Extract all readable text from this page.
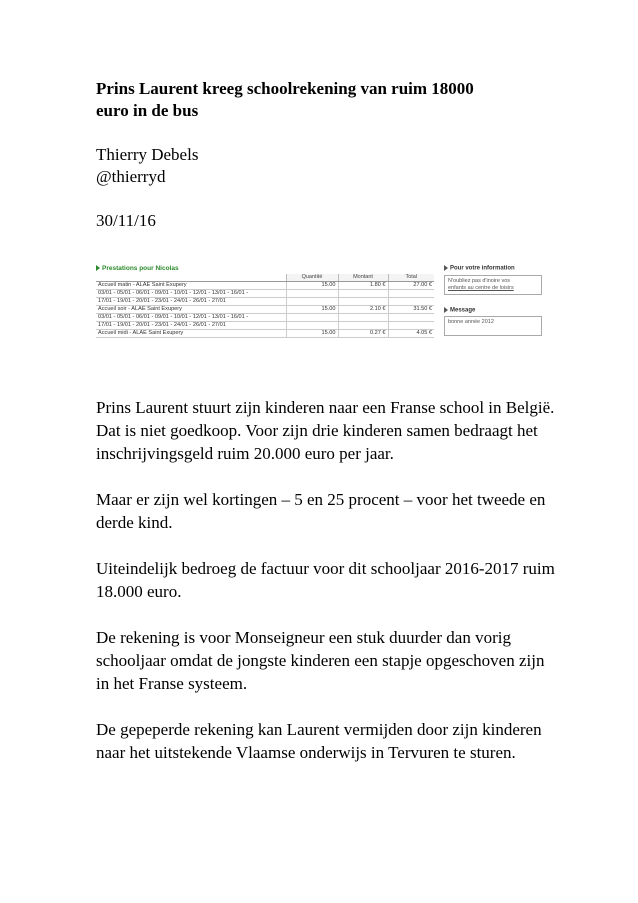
Prins Laurent kreeg schoolrekening van ruim 18000

euro in de bus

Thierry Debels

@thierryd

30/11/16

Prestations pour Nicolas
	Quantité	Montant	Total
Accueil matin - ALAE Saint Exupery	15.00	1.80 €	27.00 €
03/01 - 05/01 - 06/01 - 09/01 - 10/01 - 12/01 - 13/01 - 16/01 -			
17/01 - 19/01 - 20/01 - 23/01 - 24/01 - 26/01 - 27/01			
Accueil soir - ALAE Saint Exupery	15.00	2.10 €	31.50 €
03/01 - 05/01 - 06/01 - 09/01 - 10/01 - 12/01 - 13/01 - 16/01 -			
17/01 - 19/01 - 20/01 - 23/01 - 24/01 - 26/01 - 27/01			
Accueil midi - ALAE Saint Exupery	15.00	0.27 €	4.05 €
Pour votre information
N'oubliez pas d'inoire vos
enfants au centre de loisirs
Message
bonne année 2012

Prins Laurent stuurt zijn kinderen naar een Franse school in België. Dat is niet goedkoop. Voor zijn drie kinderen samen bedraagt het inschrijvingsgeld ruim 20.000 euro per jaar.

Maar er zijn wel kortingen – 5 en 25 procent – voor het tweede en derde kind.

Uiteindelijk bedroeg de factuur voor dit schooljaar 2016-2017 ruim 18.000 euro.

De rekening is voor Monseigneur een stuk duurder dan vorig schooljaar omdat de jongste kinderen een stapje opgeschoven zijn in het Franse systeem.

De gepeperde rekening kan Laurent vermijden door zijn kinderen naar het uitstekende Vlaamse onderwijs in Tervuren te sturen.
